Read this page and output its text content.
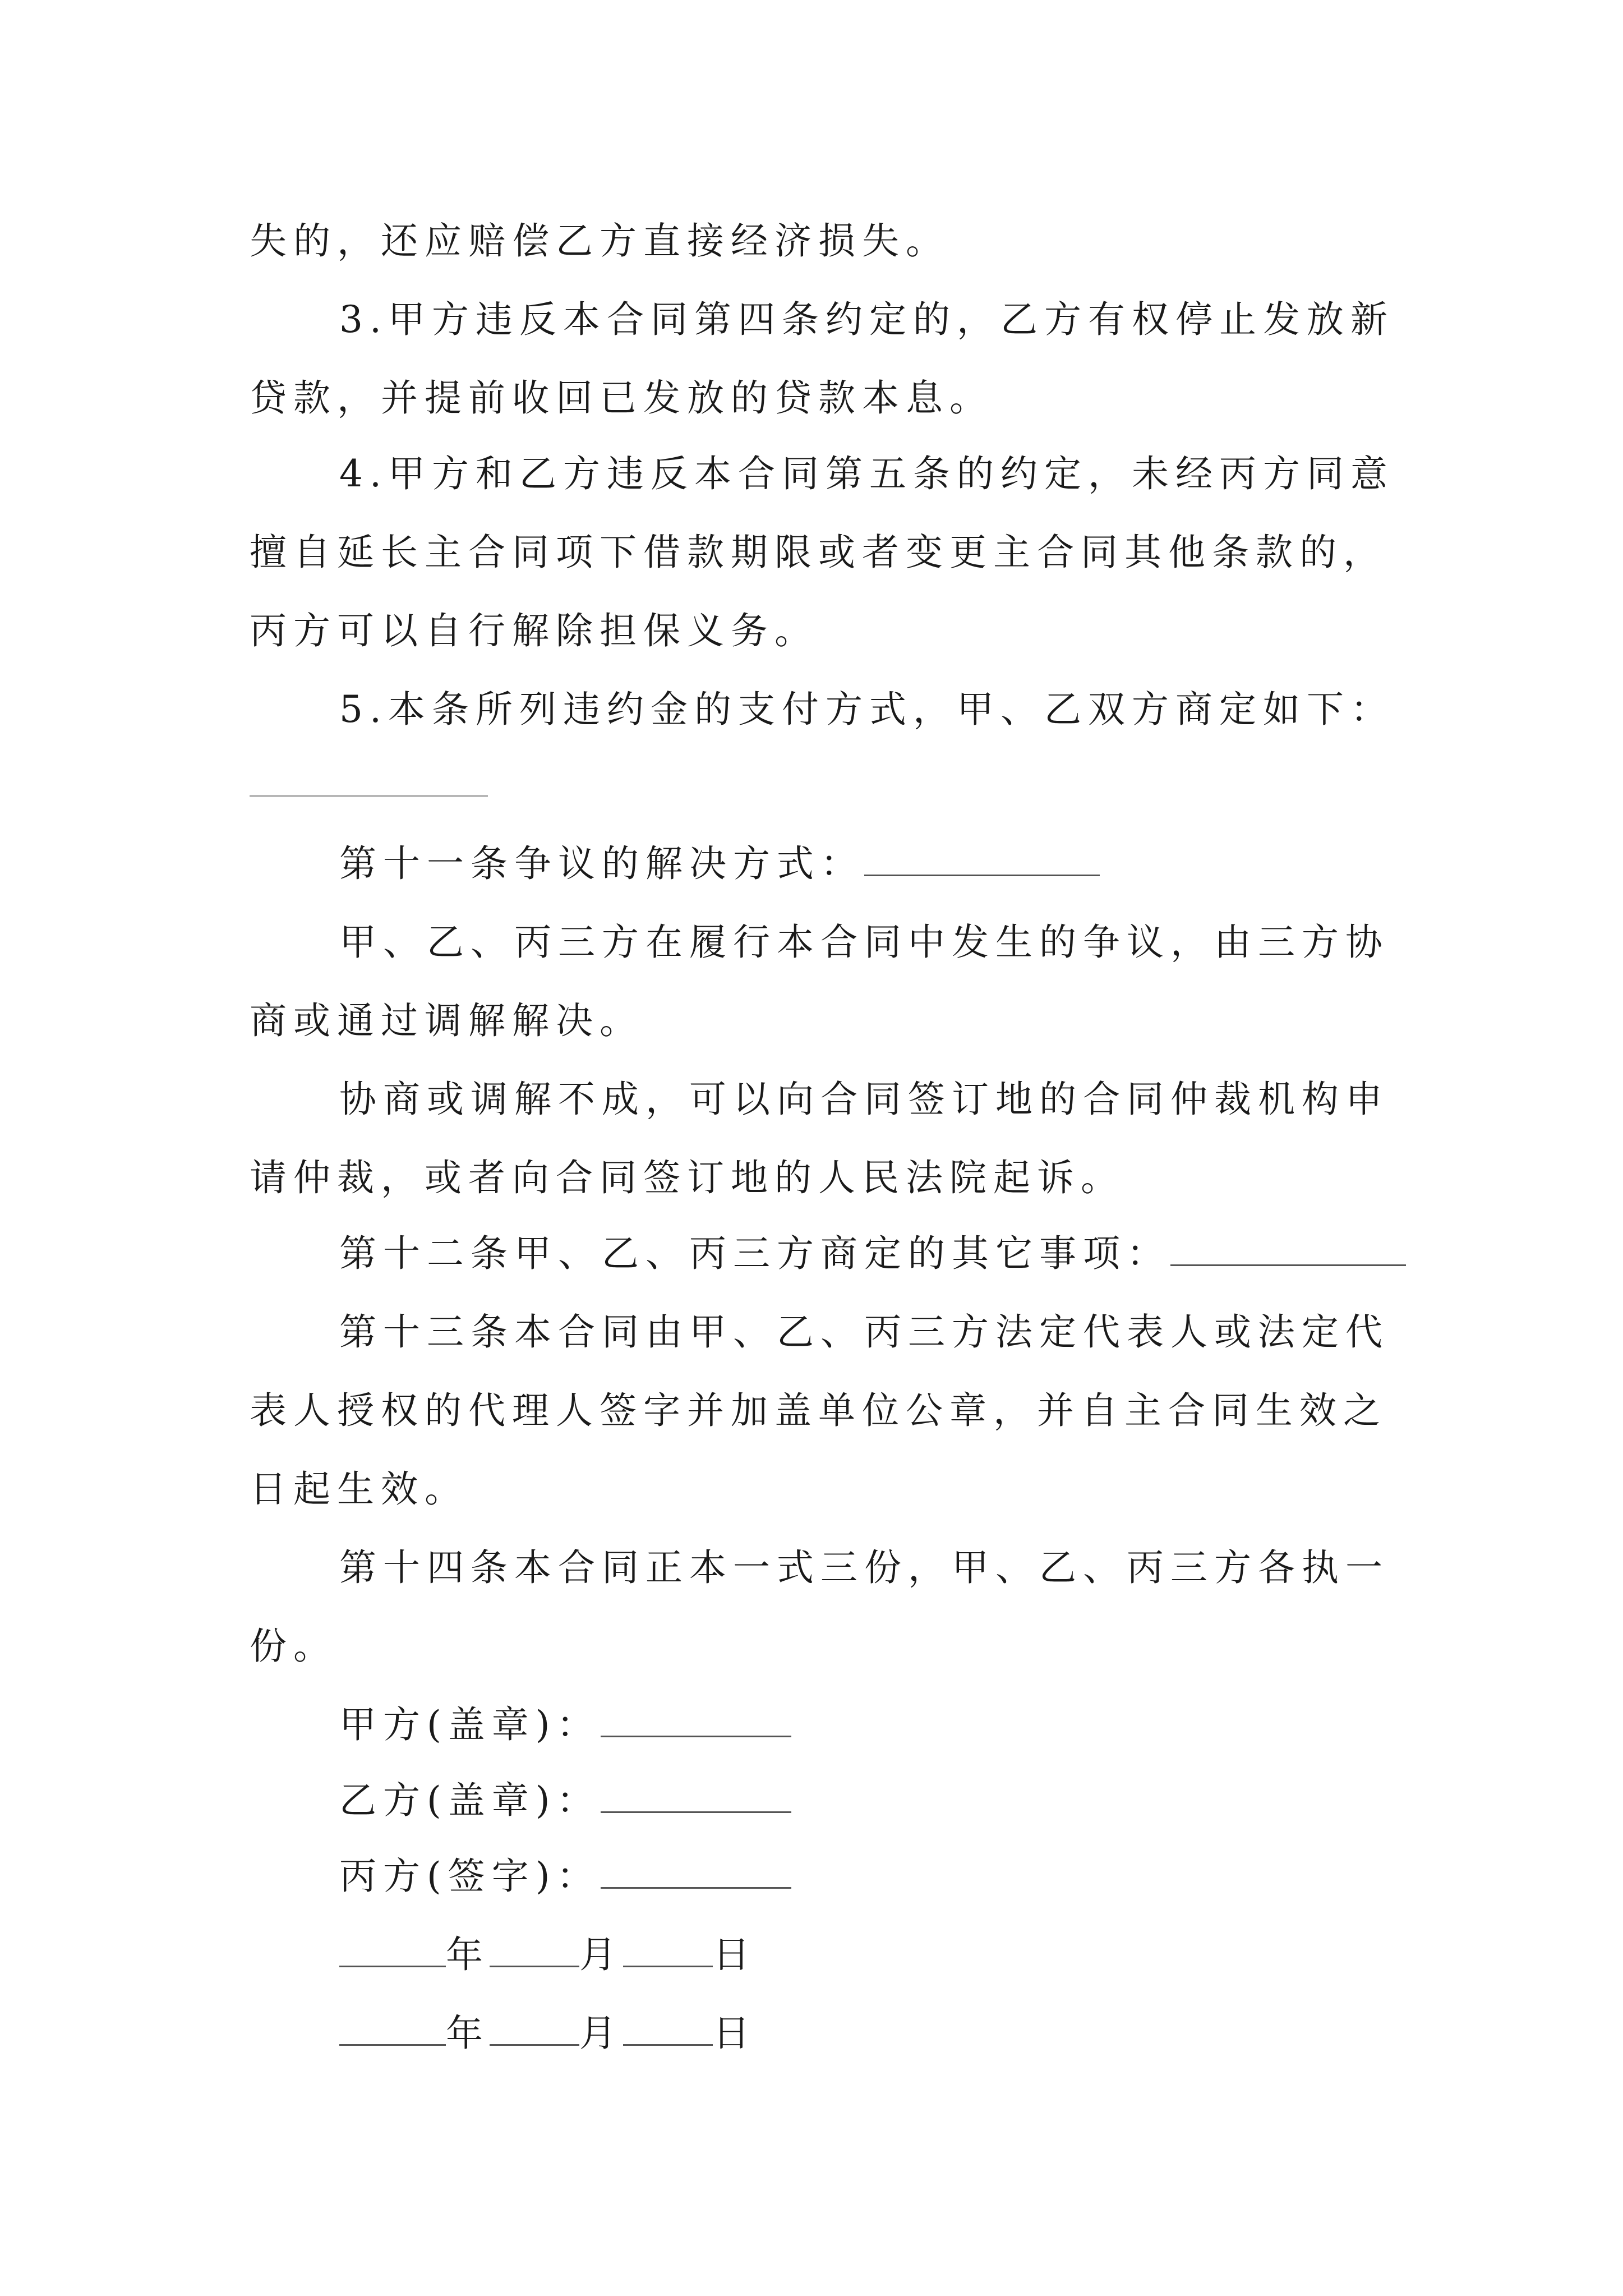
失的，还应赔偿乙方直接经济损失。
3.甲方违反本合同第四条约定的，乙方有权停止发放新
贷款，并提前收回已发放的贷款本息。
4.甲方和乙方违反本合同第五条的约定，未经丙方同意
擅自延长主合同项下借款期限或者变更主合同其他条款的，
丙方可以自行解除担保义务。
5.本条所列违约金的支付方式，甲、乙双方商定如下：
第十一条争议的解决方式：
甲、乙、丙三方在履行本合同中发生的争议，由三方协
商或通过调解解决。
协商或调解不成，可以向合同签订地的合同仲裁机构申
请仲裁，或者向合同签订地的人民法院起诉。
第十二条甲、乙、丙三方商定的其它事项：
第十三条本合同由甲、乙、丙三方法定代表人或法定代
表人授权的代理人签字并加盖单位公章，并自主合同生效之
日起生效。
第十四条本合同正本一式三份，甲、乙、丙三方各执一
份。
甲方(盖章)：
乙方(盖章)：
丙方(签字)：
年 月 日
年 月 日
